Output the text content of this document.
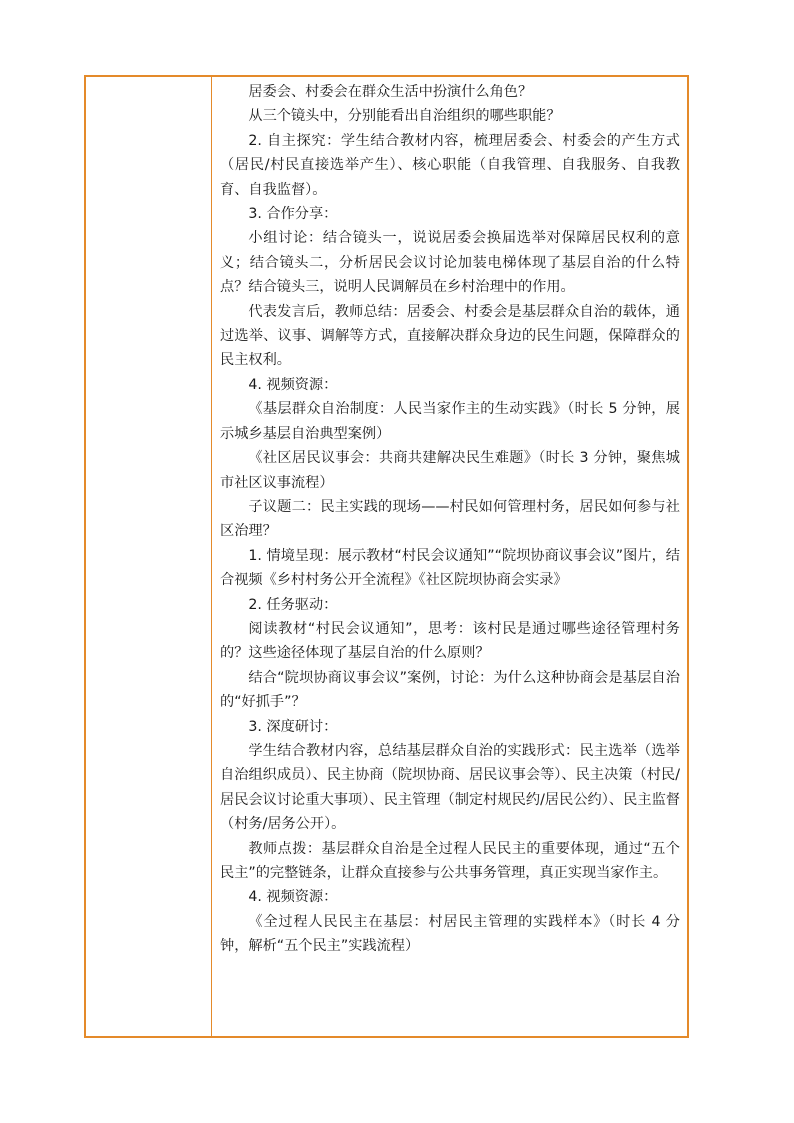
居委会、村委会在群众生活中扮演什么角色？

从三个镜头中，分别能看出自治组织的哪些职能？

2. 自主探究：学生结合教材内容，梳理居委会、村委会的产生方式（居民/村民直接选举产生）、核心职能（自我管理、自我服务、自我教育、自我监督）。

3. 合作分享：

小组讨论：结合镜头一，说说居委会换届选举对保障居民权利的意义；结合镜头二，分析居民会议讨论加装电梯体现了基层自治的什么特点？结合镜头三，说明人民调解员在乡村治理中的作用。

代表发言后，教师总结：居委会、村委会是基层群众自治的载体，通过选举、议事、调解等方式，直接解决群众身边的民生问题，保障群众的民主权利。

4. 视频资源：

《基层群众自治制度：人民当家作主的生动实践》（时长 5 分钟，展示城乡基层自治典型案例）

《社区居民议事会：共商共建解决民生难题》（时长 3 分钟，聚焦城市社区议事流程）

子议题二：民主实践的现场——村民如何管理村务，居民如何参与社区治理？

1. 情境呈现：展示教材“村民会议通知”“院坝协商议事会议”图片，结合视频《乡村村务公开全流程》《社区院坝协商会实录》

2. 任务驱动：

阅读教材“村民会议通知”，思考：该村民是通过哪些途径管理村务的？这些途径体现了基层自治的什么原则？

结合“院坝协商议事会议”案例，讨论：为什么这种协商会是基层自治的“好抓手”？

3. 深度研讨：

学生结合教材内容，总结基层群众自治的实践形式：民主选举（选举自治组织成员）、民主协商（院坝协商、居民议事会等）、民主决策（村民/居民会议讨论重大事项）、民主管理（制定村规民约/居民公约）、民主监督（村务/居务公开）。

教师点拨：基层群众自治是全过程人民民主的重要体现，通过“五个民主”的完整链条，让群众直接参与公共事务管理，真正实现当家作主。

4. 视频资源：

《全过程人民民主在基层：村居民主管理的实践样本》（时长 4 分钟，解析“五个民主”实践流程）
